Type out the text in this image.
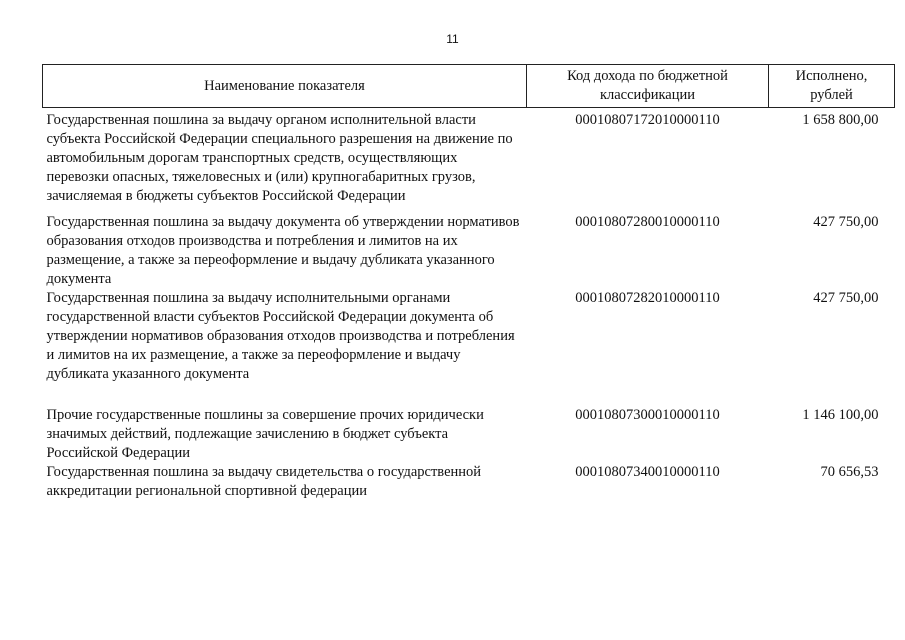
11
Наименование показателя	Код дохода по бюджетной классификации	Исполнено, рублей
Государственная пошлина за выдачу органом исполнительной власти субъекта Российской Федерации специального разрешения на движение по автомобильным дорогам транспортных средств, осуществляющих перевозки опасных, тяжеловесных и (или) крупногабаритных грузов, зачисляемая в бюджеты субъектов Российской Федерации	00010807172010000110	1 658 800,00
Государственная пошлина за выдачу документа об утверждении нормативов образования отходов производства и потребления и лимитов на их размещение, а также за переоформление и выдачу дубликата указанного документа	00010807280010000110	427 750,00
Государственная пошлина за выдачу исполнительными органами государственной власти субъектов Российской Федерации документа об утверждении нормативов образования отходов производства и потребления и лимитов на их размещение, а также за переоформление и выдачу дубликата указанного документа	00010807282010000110	427 750,00
Прочие государственные пошлины за совершение прочих юридически значимых действий, подлежащие зачислению в бюджет субъекта Российской Федерации	00010807300010000110	1 146 100,00
Государственная пошлина за выдачу свидетельства о государственной аккредитации региональной спортивной федерации	00010807340010000110	70 656,53
